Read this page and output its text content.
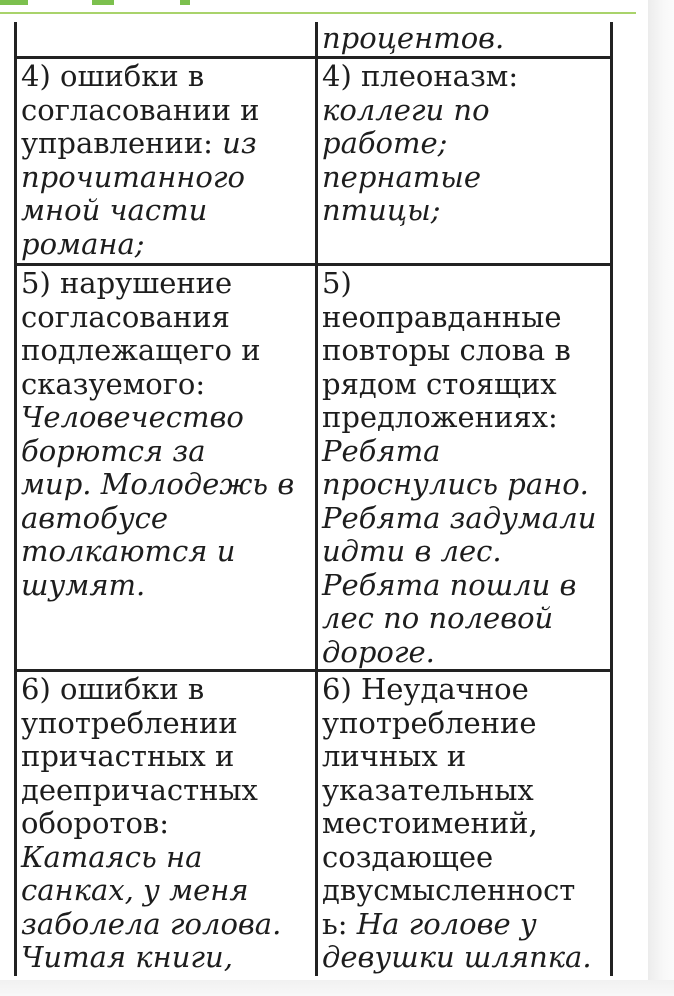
процентов.
4) ошибки в
согласовании и
управлении: из
прочитанного
мной части
романа;
4) плеоназм:
коллеги по
работе;
пернатые
птицы;
5) нарушение
согласования
подлежащего и
сказуемого:
Человечество
борются за
мир. Молодежь в
автобусе
толкаются и
шумят.
5)
неоправданные
повторы слова в
рядом стоящих
предложениях:
Ребята
проснулись рано.
Ребята задумали
идти в лес.
Ребята пошли в
лес по полевой
дороге.
6) ошибки в
употреблении
причастных и
деепричастных
оборотов:
Катаясь на
санках, у меня
заболела голова.
Читая книги,
6) Неудачное
употребление
личных и
указательных
местоимений,
создающее
двусмысленност
ь: На голове у
девушки шляпка.
